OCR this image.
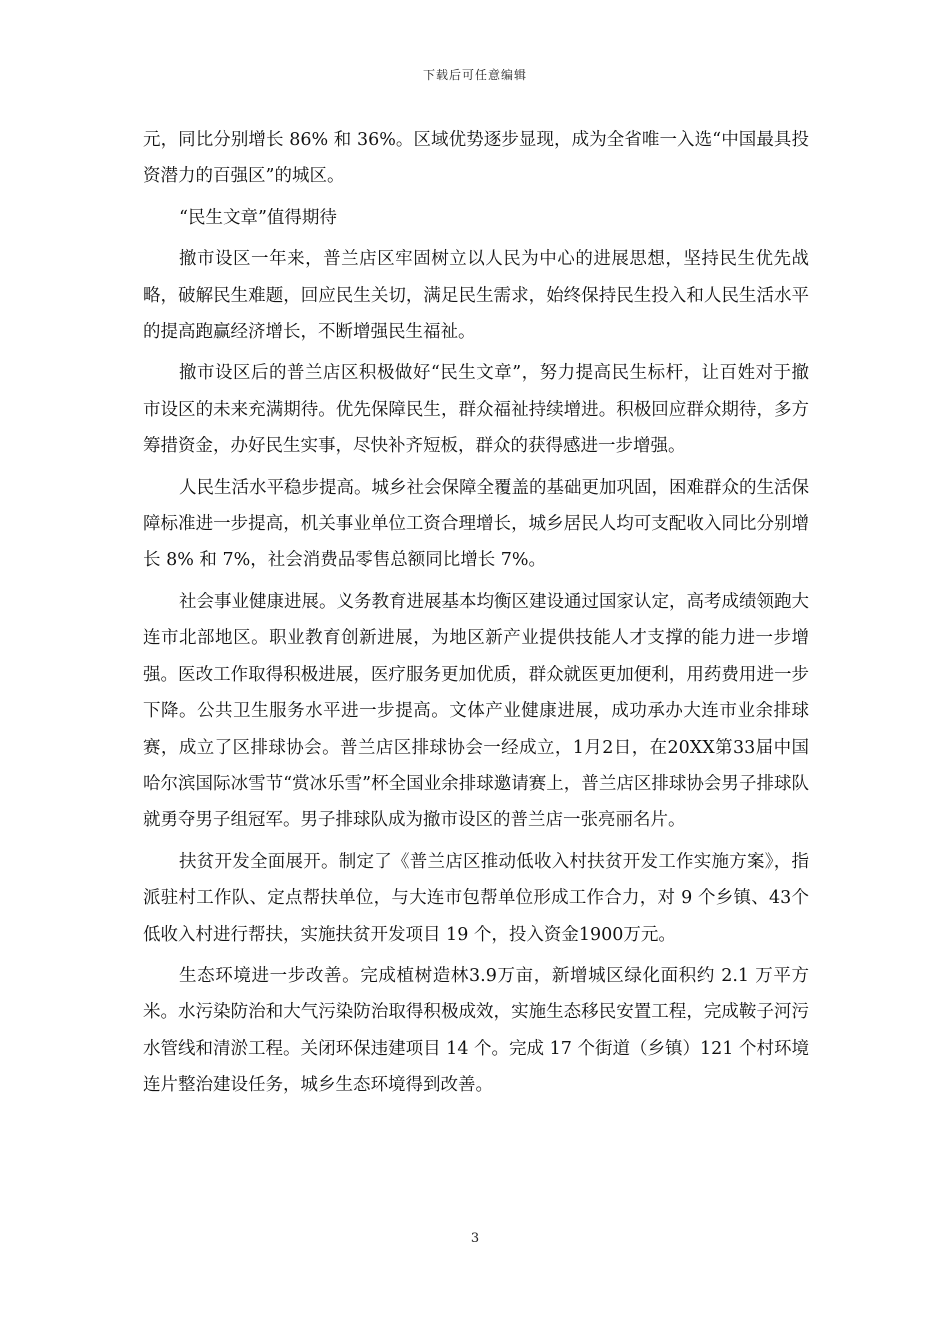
下载后可任意编辑

元，同比分别增长 86% 和 36%。区域优势逐步显现，成为全省唯一入选“中国最具投资潜力的百强区”的城区。

“民生文章”值得期待

撤市设区一年来，普兰店区牢固树立以人民为中心的进展思想，坚持民生优先战略，破解民生难题，回应民生关切，满足民生需求，始终保持民生投入和人民生活水平的提高跑赢经济增长，不断增强民生福祉。

撤市设区后的普兰店区积极做好“民生文章”，努力提高民生标杆，让百姓对于撤市设区的未来充满期待。优先保障民生，群众福祉持续增进。积极回应群众期待，多方筹措资金，办好民生实事，尽快补齐短板，群众的获得感进一步增强。

人民生活水平稳步提高。城乡社会保障全覆盖的基础更加巩固，困难群众的生活保障标准进一步提高，机关事业单位工资合理增长，城乡居民人均可支配收入同比分别增长 8% 和 7%，社会消费品零售总额同比增长 7%。

社会事业健康进展。义务教育进展基本均衡区建设通过国家认定，高考成绩领跑大连市北部地区。职业教育创新进展，为地区新产业提供技能人才支撑的能力进一步增强。医改工作取得积极进展，医疗服务更加优质，群众就医更加便利，用药费用进一步下降。公共卫生服务水平进一步提高。文体产业健康进展，成功承办大连市业余排球赛，成立了区排球协会。普兰店区排球协会一经成立，1月2日，在20XX第33届中国哈尔滨国际冰雪节“赏冰乐雪”杯全国业余排球邀请赛上，普兰店区排球协会男子排球队就勇夺男子组冠军。男子排球队成为撤市设区的普兰店一张亮丽名片。

扶贫开发全面展开。制定了《普兰店区推动低收入村扶贫开发工作实施方案》，指派驻村工作队、定点帮扶单位，与大连市包帮单位形成工作合力，对 9 个乡镇、43个低收入村进行帮扶，实施扶贫开发项目 19 个，投入资金1900万元。

生态环境进一步改善。完成植树造林3.9万亩，新增城区绿化面积约 2.1 万平方米。水污染防治和大气污染防治取得积极成效，实施生态移民安置工程，完成鞍子河污水管线和清淤工程。关闭环保违建项目 14 个。完成 17 个街道（乡镇）121 个村环境连片整治建设任务，城乡生态环境得到改善。

3
